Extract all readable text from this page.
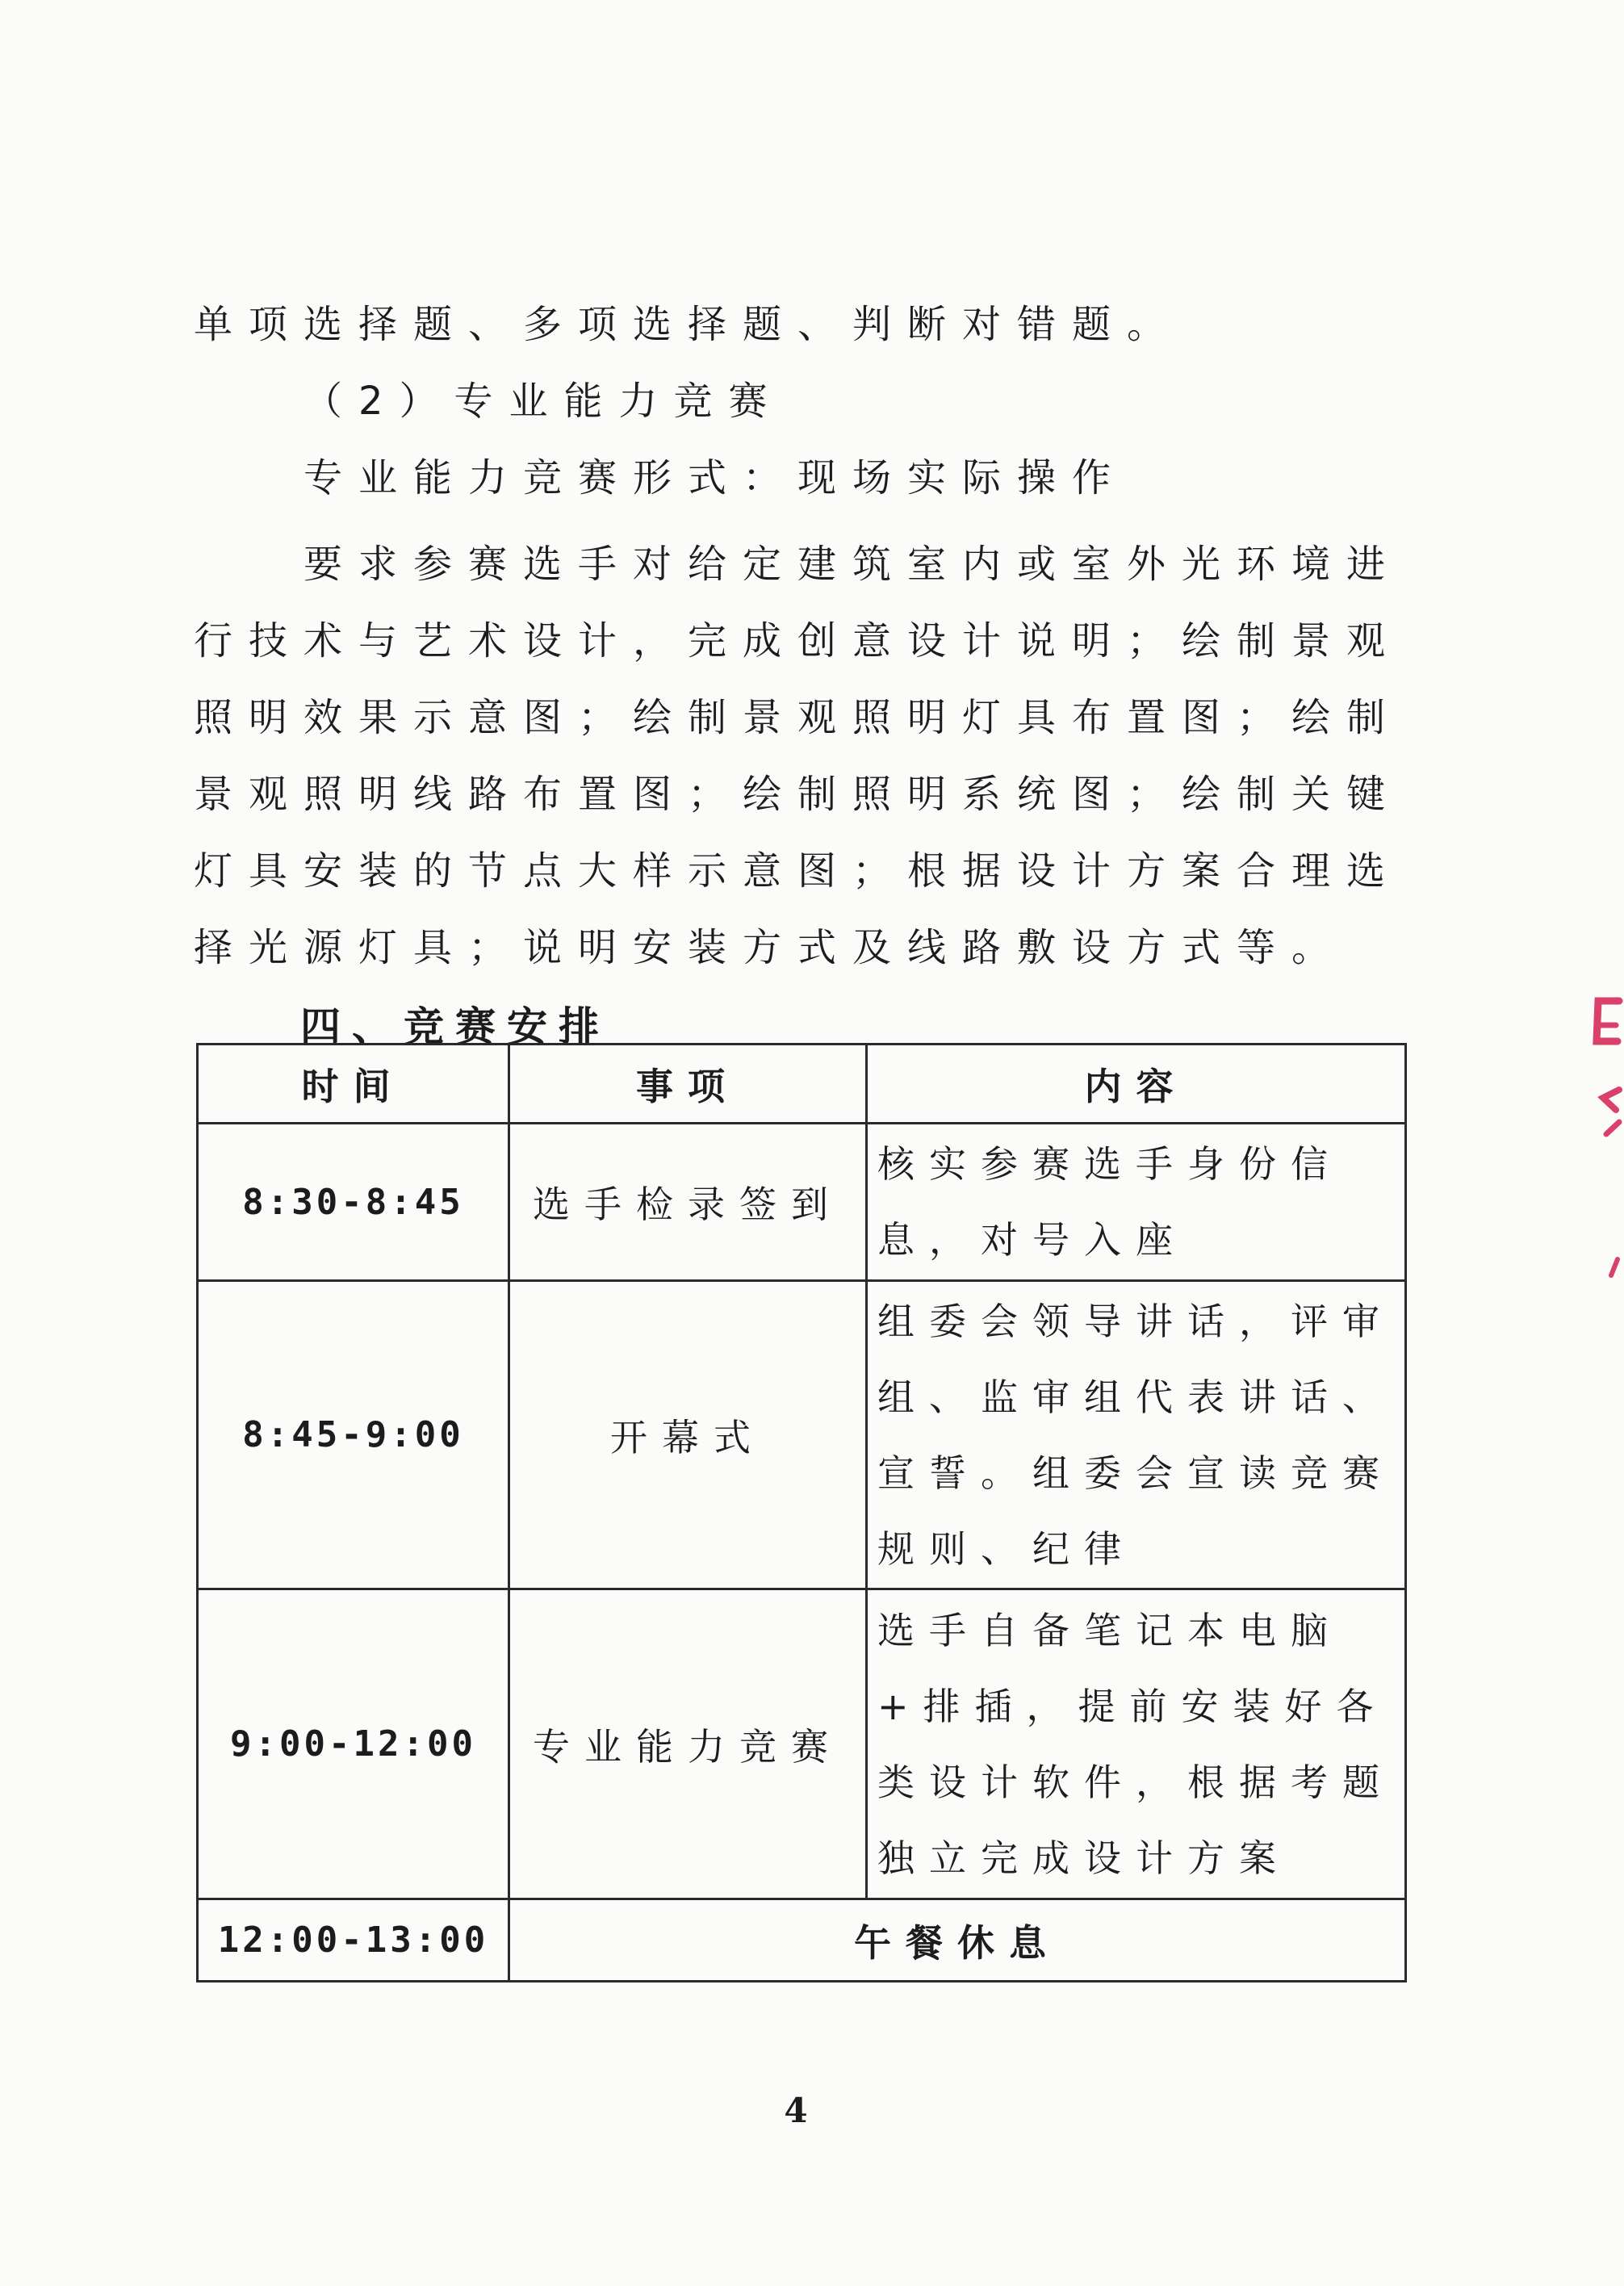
单项选择题、多项选择题、判断对错题。

（2）专业能力竞赛

专业能力竞赛形式：现场实际操作

要求参赛选手对给定建筑室内或室外光环境进行技术与艺术设计，完成创意设计说明；绘制景观照明效果示意图；绘制景观照明灯具布置图；绘制景观照明线路布置图；绘制照明系统图；绘制关键灯具安装的节点大样示意图；根据设计方案合理选择光源灯具；说明安装方式及线路敷设方式等。

四、竞赛安排
时间	事项	内容
8:30-8:45	选手检录签到	核实参赛选手身份信息，对号入座
8:45-9:00	开幕式	组委会领导讲话，评审组、监审组代表讲话、宣誓。组委会宣读竞赛规则、纪律
9:00-12:00	专业能力竞赛	选手自备笔记本电脑+排插，提前安装好各类设计软件，根据考题独立完成设计方案
12:00-13:00	午餐休息	

4
